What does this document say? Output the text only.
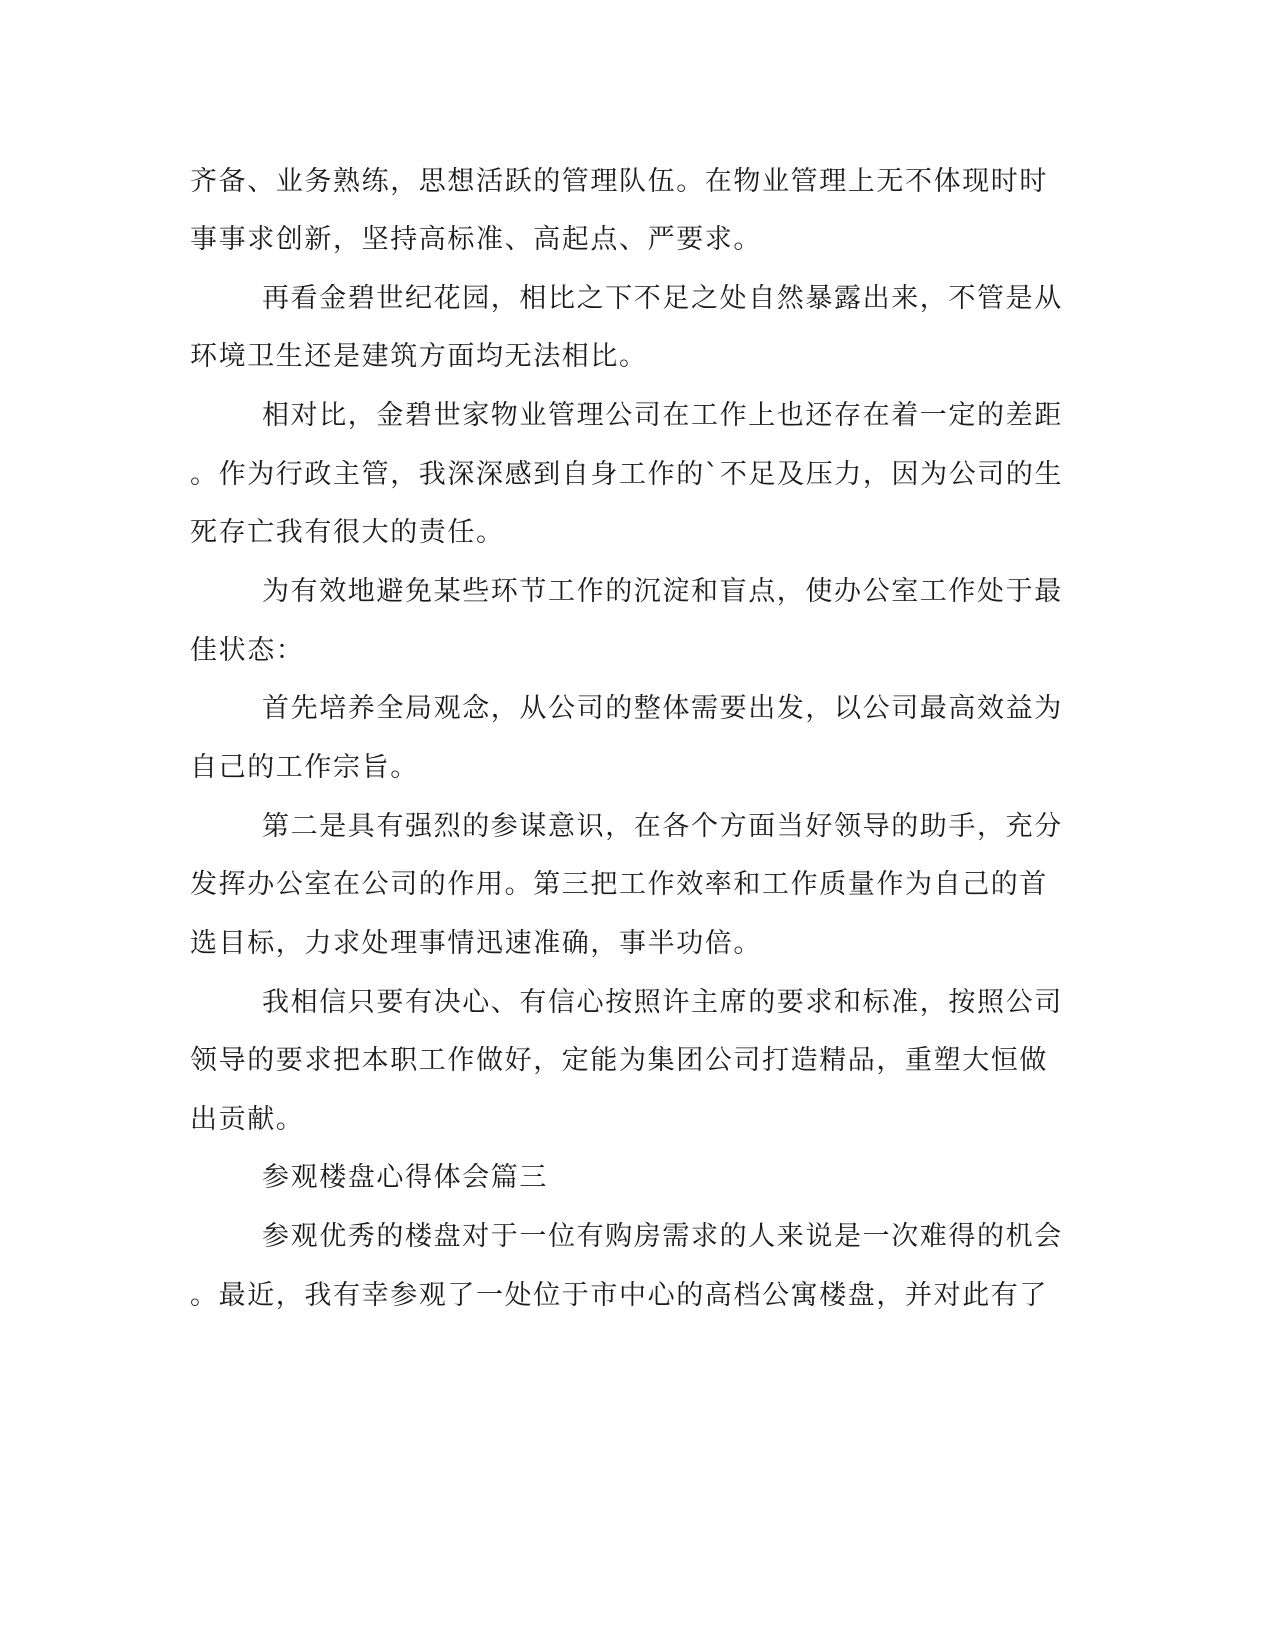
齐备、业务熟练，思想活跃的管理队伍。在物业管理上无不体现时时
事事求创新，坚持高标准、高起点、严要求。
再看金碧世纪花园，相比之下不足之处自然暴露出来，不管是从
环境卫生还是建筑方面均无法相比。
相对比，金碧世家物业管理公司在工作上也还存在着一定的差距
。作为行政主管，我深深感到自身工作的`不足及压力，因为公司的生
死存亡我有很大的责任。
为有效地避免某些环节工作的沉淀和盲点，使办公室工作处于最
佳状态：
首先培养全局观念，从公司的整体需要出发，以公司最高效益为
自己的工作宗旨。
第二是具有强烈的参谋意识，在各个方面当好领导的助手，充分
发挥办公室在公司的作用。第三把工作效率和工作质量作为自己的首
选目标，力求处理事情迅速准确，事半功倍。
我相信只要有决心、有信心按照许主席的要求和标准，按照公司
领导的要求把本职工作做好，定能为集团公司打造精品，重塑大恒做
出贡献。
参观楼盘心得体会篇三
参观优秀的楼盘对于一位有购房需求的人来说是一次难得的机会
。最近，我有幸参观了一处位于市中心的高档公寓楼盘，并对此有了
